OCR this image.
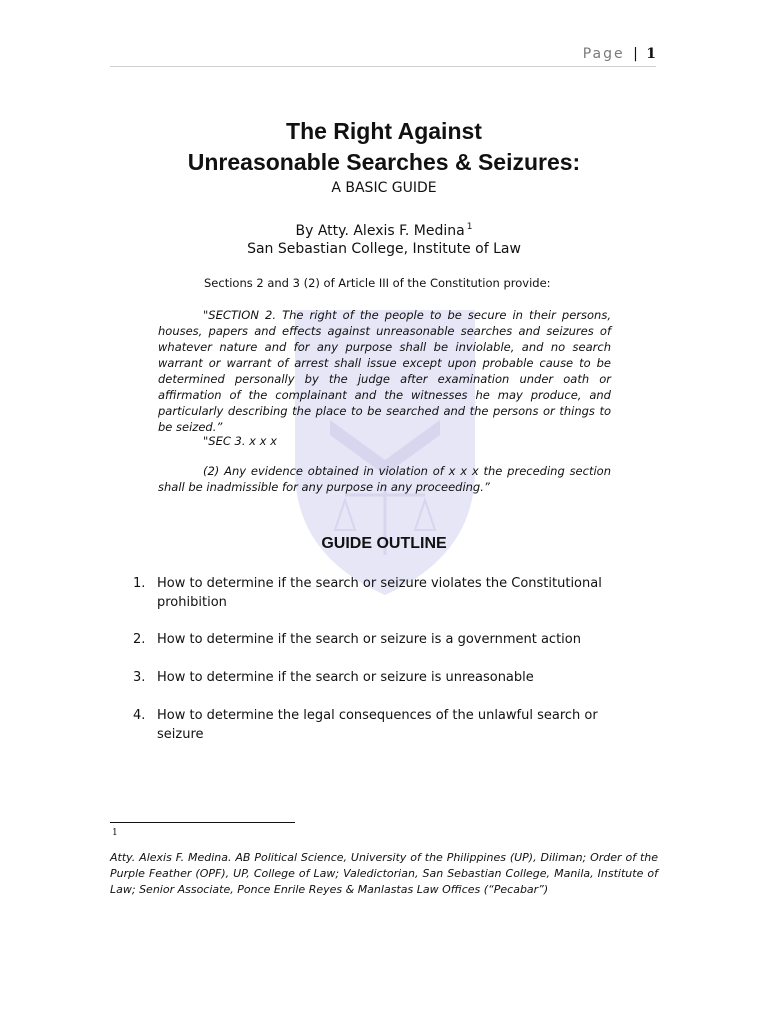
Page | 1
The Right Against
Unreasonable Searches & Seizures:
A BASIC GUIDE
By Atty. Alexis F. Medina $^1$
San Sebastian College, Institute of Law
Sections 2 and 3 (2) of Article III of the Constitution provide:
"SECTION 2. The right of the people to be secure in their persons, houses, papers and effects against unreasonable searches and seizures of whatever nature and for any purpose shall be inviolable, and no search warrant or warrant of arrest shall issue except upon probable cause to be determined personally by the judge after examination under oath or affirmation of the complainant and the witnesses he may produce, and particularly describing the place to be searched and the persons or things to be seized.”
"SEC 3. x x x
(2) Any evidence obtained in violation of x x x the preceding section shall be inadmissible for any purpose in any proceeding.”
GUIDE OUTLINE
1. How to determine if the search or seizure violates the Constitutional prohibition
2. How to determine if the search or seizure is a government action
3. How to determine if the search or seizure is unreasonable
4. How to determine the legal consequences of the unlawful search or seizure
1
Atty. Alexis F. Medina. AB Political Science, University of the Philippines (UP), Diliman; Order of the Purple Feather (OPF), UP, College of Law; Valedictorian, San Sebastian College, Manila, Institute of Law; Senior Associate, Ponce Enrile Reyes & Manlastas Law Offices (“Pecabar”)
